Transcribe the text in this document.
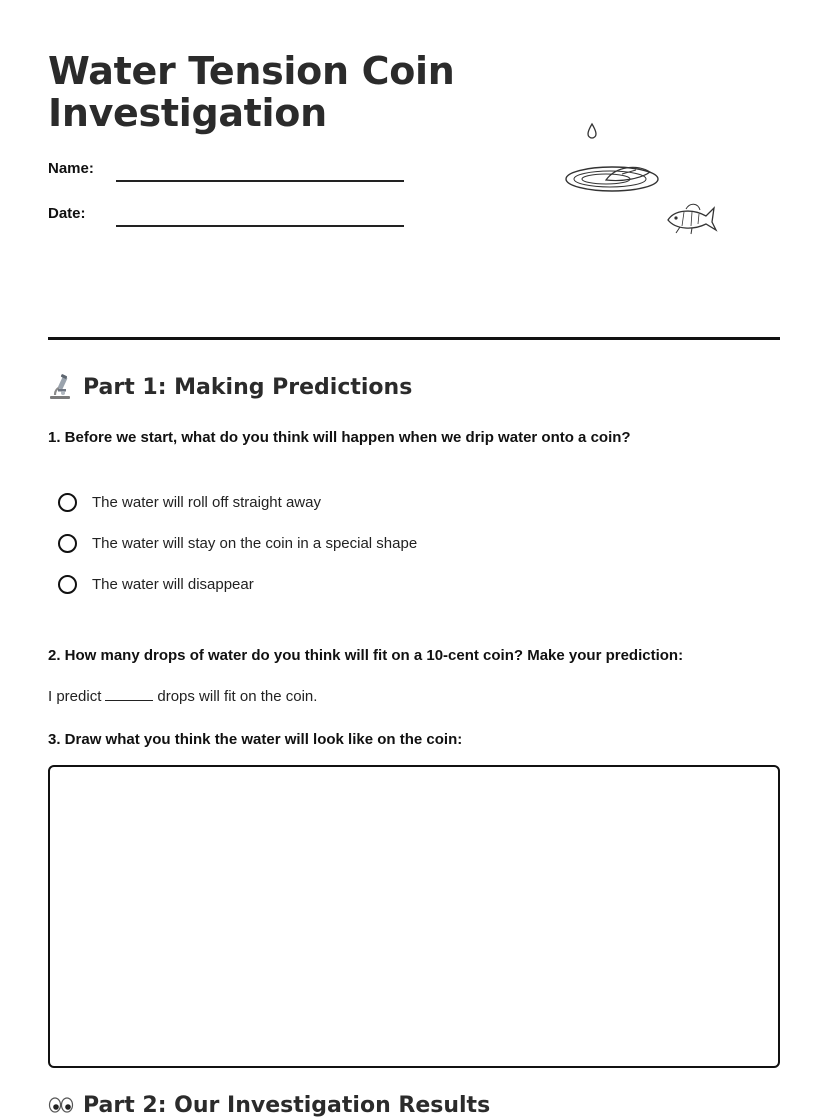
Water Tension Coin Investigation
Name:
Date:
Part 1: Making Predictions
1. Before we start, what do you think will happen when we drip water onto a coin?
The water will roll off straight away
The water will stay on the coin in a special shape
The water will disappear
2. How many drops of water do you think will fit on a 10-cent coin? Make your prediction:
I predict	drops will fit on the coin.
3. Draw what you think the water will look like on the coin:
Part 2: Our Investigation Results
